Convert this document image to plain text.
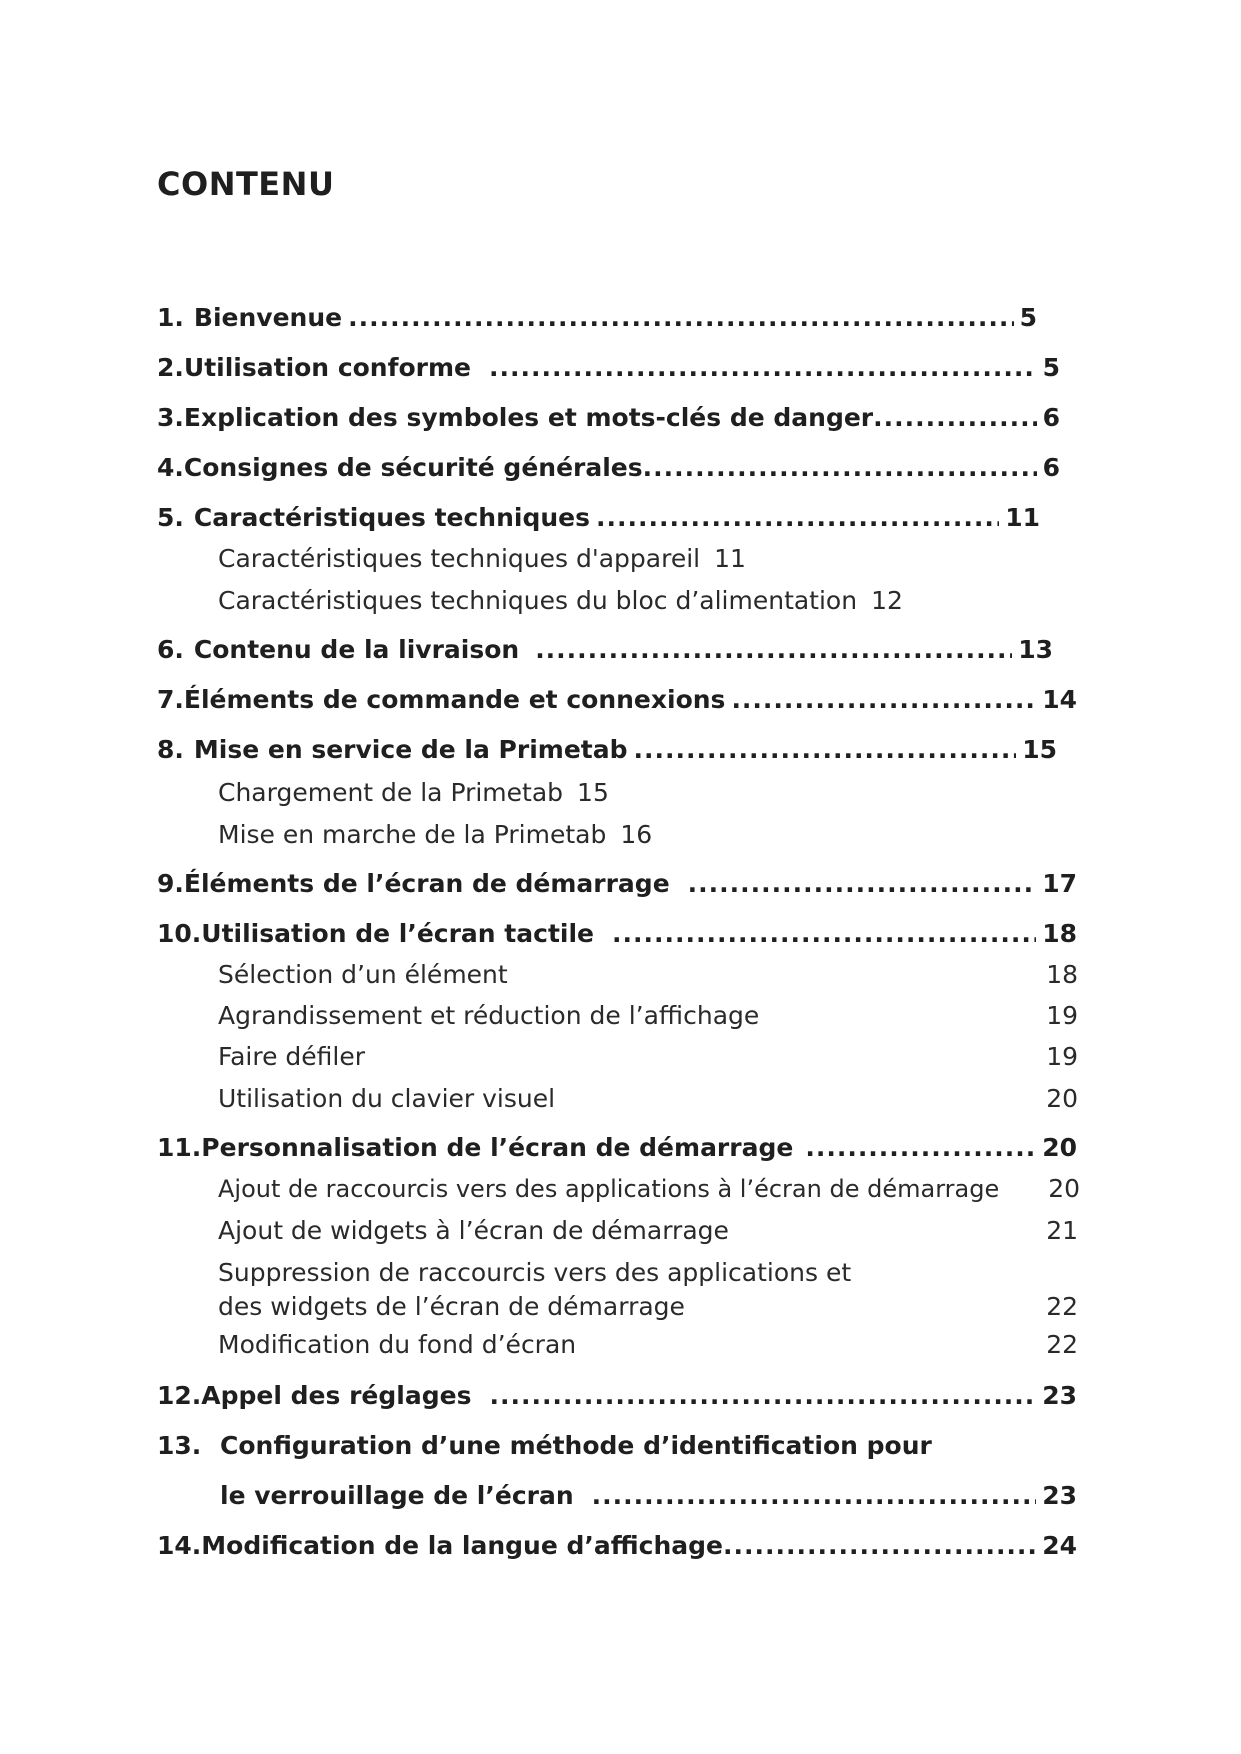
CONTENU
1. Bienvenue .....	5
2. Utilisation conforme .....	5
3. Explication des symboles et mots-clés de danger .....	6
4. Consignes de sécurité générales .....	6
5. Caractéristiques techniques .....	11
Caractéristiques techniques d'appareil 11
Caractéristiques techniques du bloc d’alimentation 12
6. Contenu de la livraison .....	13
7. Éléments de commande et connexions .....	14
8. Mise en service de la Primetab .....	15
Chargement de la Primetab 15
Mise en marche de la Primetab 16
9. Éléments de l’écran de démarrage .....	17
10. Utilisation de l’écran tactile .....	18
Sélection d’un élément	18
Agrandissement et réduction de l’affichage	19
Faire défiler	19
Utilisation du clavier visuel	20
11. Personnalisation de l’écran de démarrage .....	20
Ajout de raccourcis vers des applications à l’écran de démarrage 20
Ajout de widgets à l’écran de démarrage	21
Suppression de raccourcis vers des applications et
des widgets de l’écran de démarrage	22
Modification du fond d’écran	22
12. Appel des réglages .....	23
13. Configuration d’une méthode d’identification pour
le verrouillage de l’écran .....	23
14. Modification de la langue d’affichage .....	24
